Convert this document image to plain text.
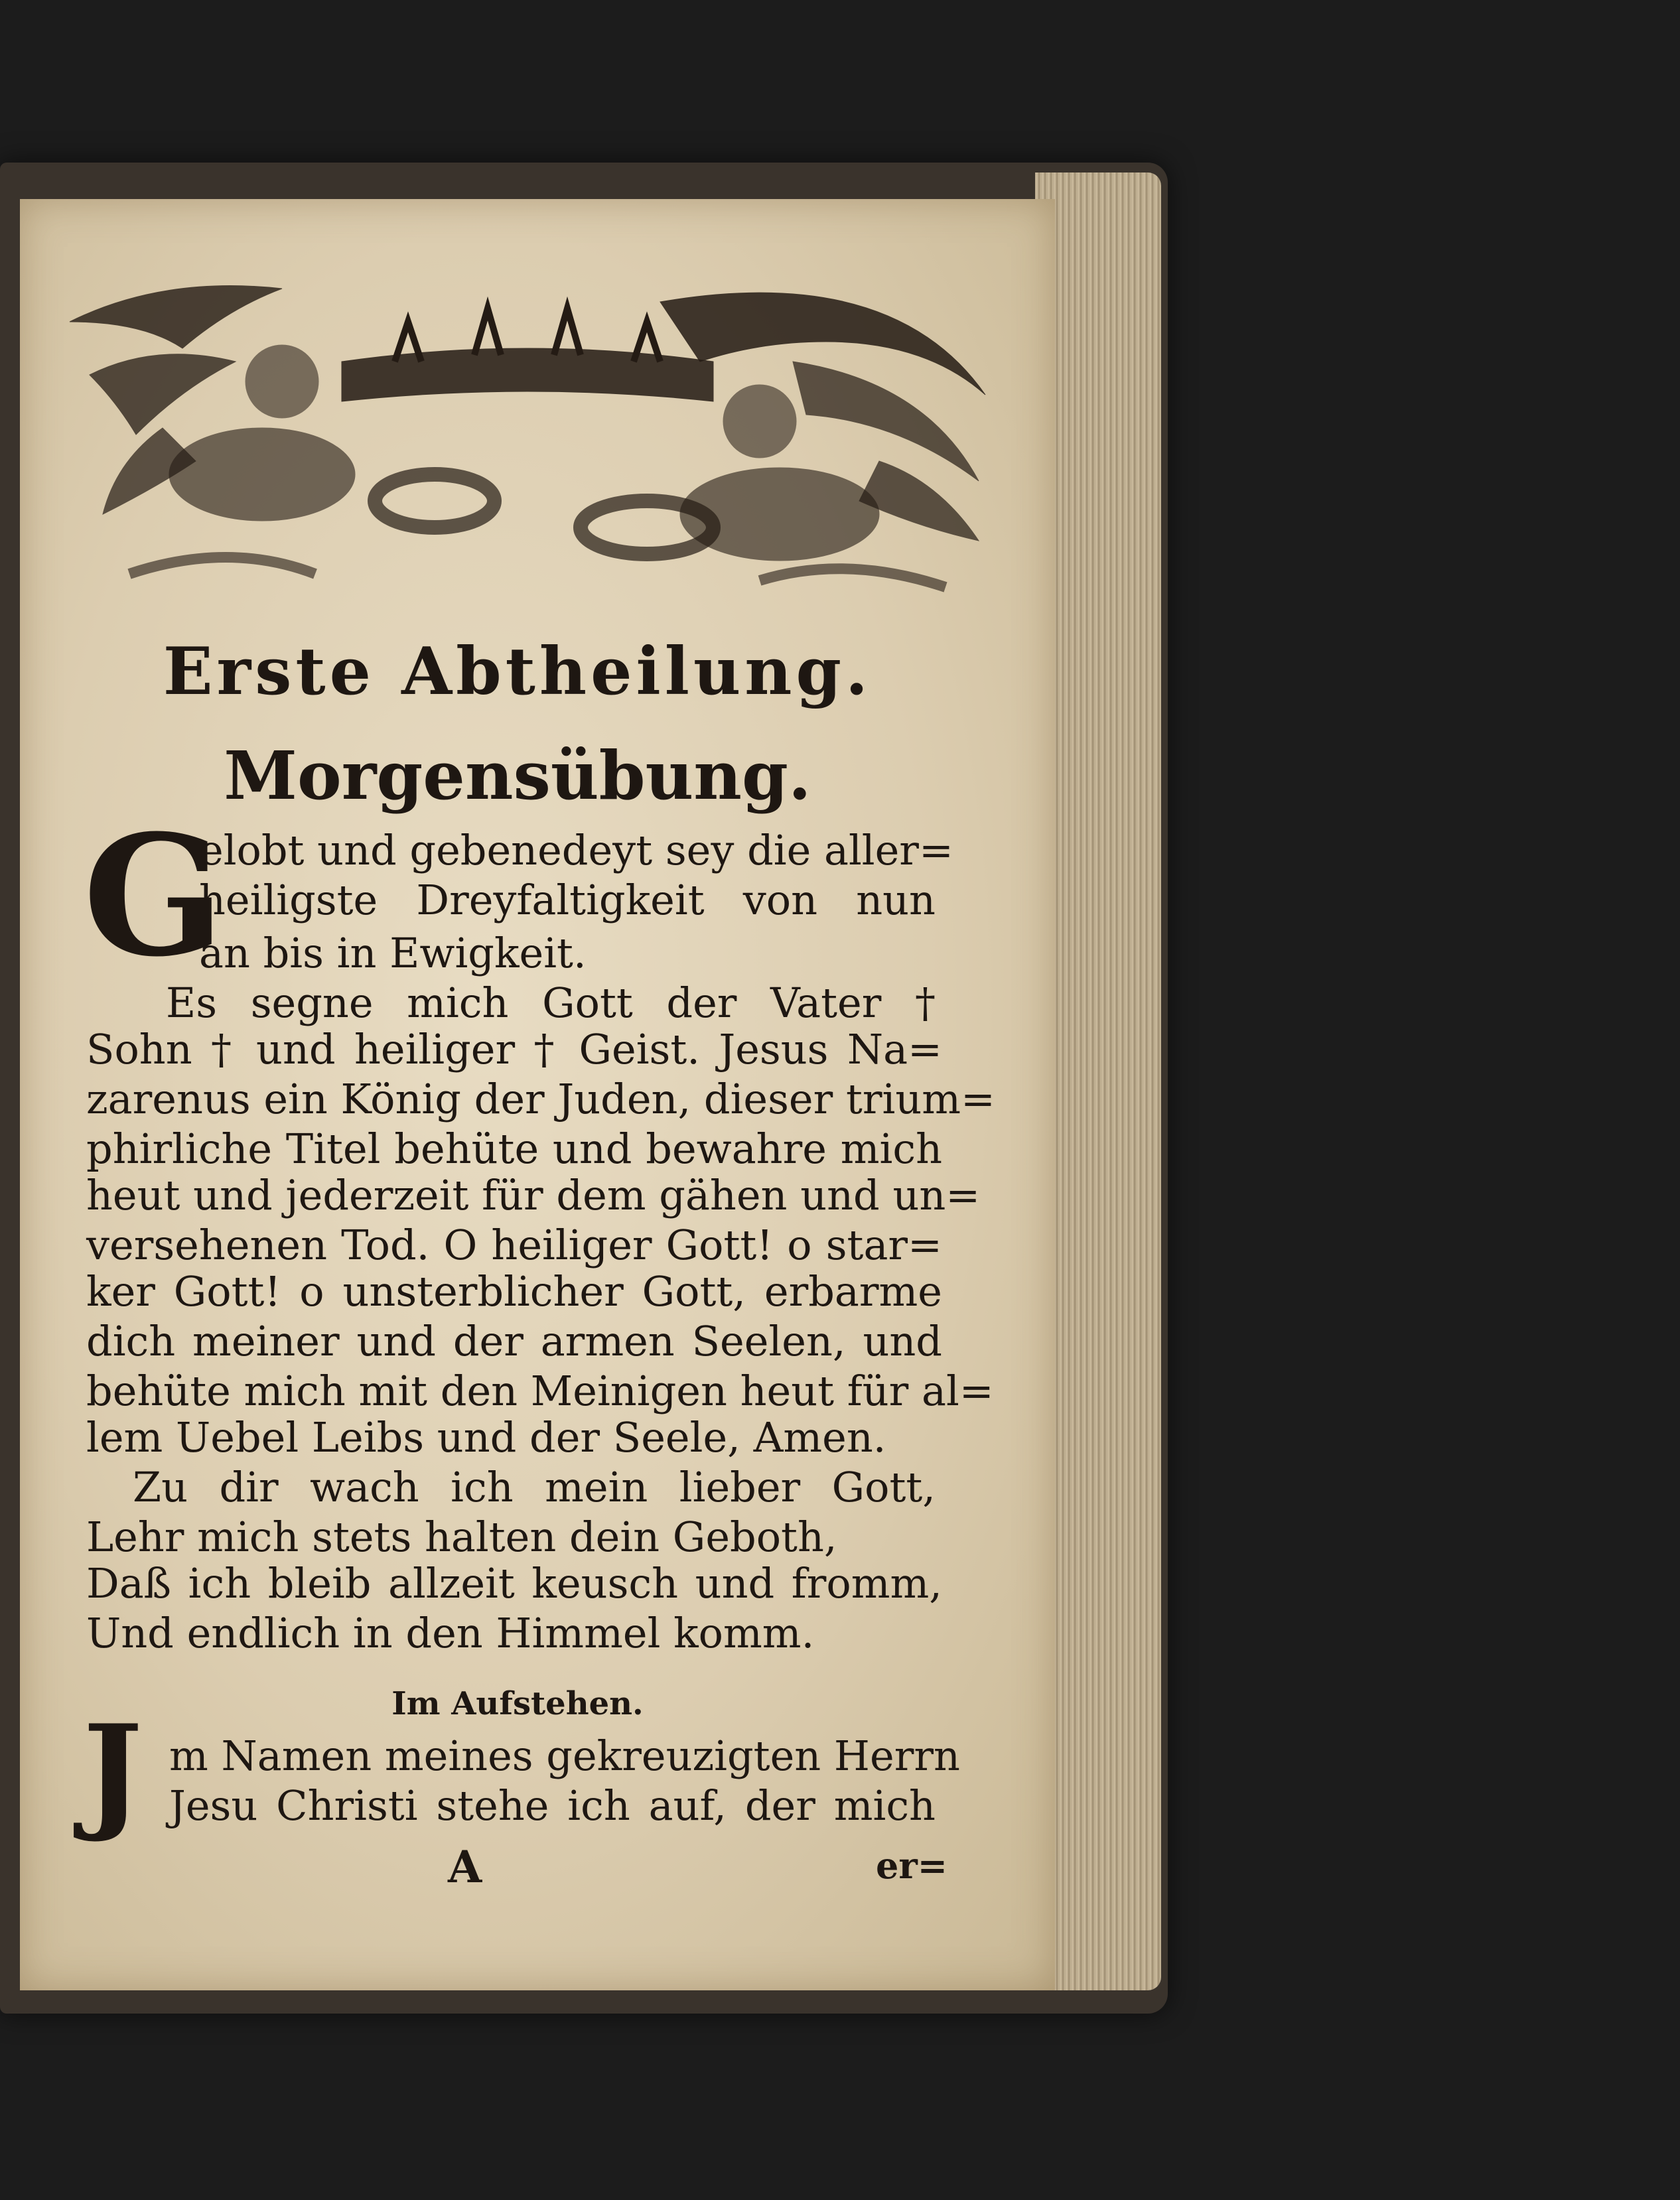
Erste Abtheilung.
Morgensübung.
G
elobt und gebenedeyt sey die aller=
heiligste Dreyfaltigkeit von nun
an bis in Ewigkeit.
Es segne mich Gott der Vater †
Sohn † und heiliger † Geist. Jesus Na=
zarenus ein König der Juden, dieser trium=
phirliche Titel behüte und bewahre mich
heut und jederzeit für dem gähen und un=
versehenen Tod. O heiliger Gott! o star=
ker Gott! o unsterblicher Gott, erbarme
dich meiner und der armen Seelen, und
behüte mich mit den Meinigen heut für al=
lem Uebel Leibs und der Seele, Amen.
Zu dir wach ich mein lieber Gott,
Lehr mich stets halten dein Geboth,
Daß ich bleib allzeit keusch und fromm,
Und endlich in den Himmel komm.
Im Aufstehen.
J m Namen meines gekreuzigten Herrn
Jesu Christi stehe ich auf, der mich
A	er=
